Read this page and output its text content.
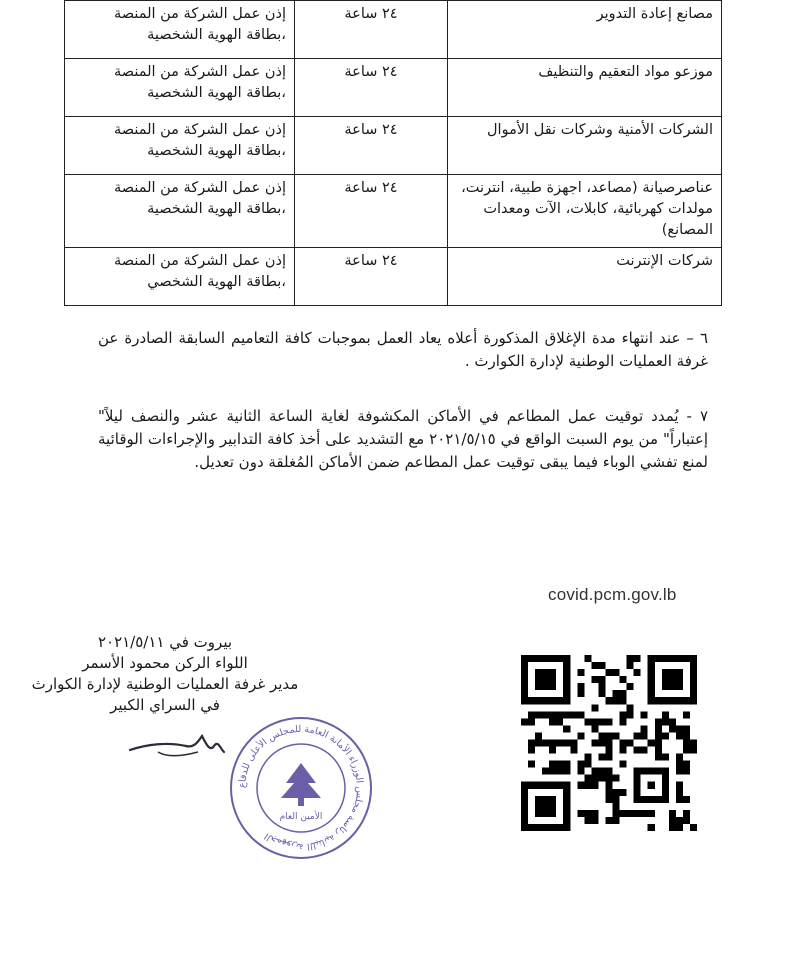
مصانع إعادة التدوير	٢٤ ساعة	إذن عمل الشركة من المنصة ،بطاقة الهوية الشخصية
موزعو مواد التعقيم والتنظيف	٢٤ ساعة	إذن عمل الشركة من المنصة ،بطاقة الهوية الشخصية
الشركات الأمنية وشركات نقل الأموال	٢٤ ساعة	إذن عمل الشركة من المنصة ،بطاقة الهوية الشخصية
عناصرصيانة (مصاعد، اجهزة طبية، انترنت، مولدات كهربائية، كابلات، الآت ومعدات المصانع)	٢٤ ساعة	إذن عمل الشركة من المنصة ،بطاقة الهوية الشخصية
شركات الإنترنت	٢٤ ساعة	إذن عمل الشركة من المنصة ،بطاقة الهوية الشخصي
٦ – عند انتهاء مدة الإغلاق المذكورة أعلاه يعاد العمل بموجبات كافة التعاميم السابقة الصادرة عن غرفة العمليات الوطنية لإدارة الكوارث .
٧ - يُمدد توقيت عمل المطاعم في الأماكن المكشوفة لغاية الساعة الثانية عشر والنصف ليلاً" إعتباراً" من يوم السبت الواقع في ٢٠٢١/٥/١٥ مع التشديد على أخذ كافة التدابير والإجراءات الوقائية لمنع تفشي الوباء فيما يبقى توقيت عمل المطاعم ضمن الأماكن المُغلقة دون تعديل.
covid.pcm.gov.lb
بيروت في ٢٠٢١/٥/١١
اللواء الركن محمود الأسمر
مدير غرفة العمليات الوطنية لإدارة الكوارث
في السراي الكبير
الجمهورية اللبنانية رئاسة مجلس الوزراء الأمانة العامة للمجلس الأعلى للدفاع
الأمين العام
